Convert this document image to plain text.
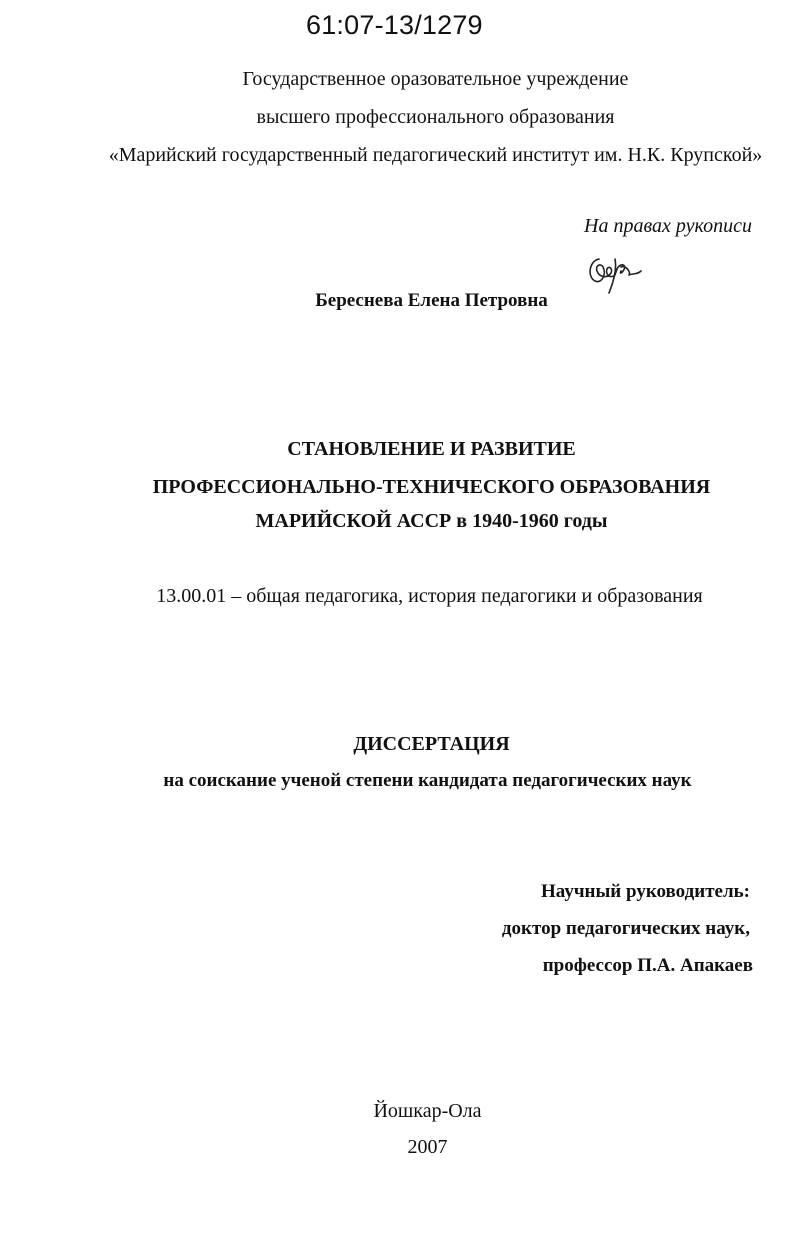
61:07-13/1279
Государственное оразовательное учреждение
высшего профессионального образования
«Марийский государственный педагогический институт им. Н.К. Крупской»
На правах рукописи
Береснева Елена Петровна
СТАНОВЛЕНИЕ И РАЗВИТИЕ
ПРОФЕССИОНАЛЬНО-ТЕХНИЧЕСКОГО ОБРАЗОВАНИЯ
МАРИЙСКОЙ АССР в 1940-1960 годы
13.00.01 – общая педагогика, история педагогики и образования
ДИССЕРТАЦИЯ
на соискание ученой степени кандидата педагогических наук
Научный руководитель:
доктор педагогических наук,
профессор П.А. Апакаев
Йошкар-Ола
2007
